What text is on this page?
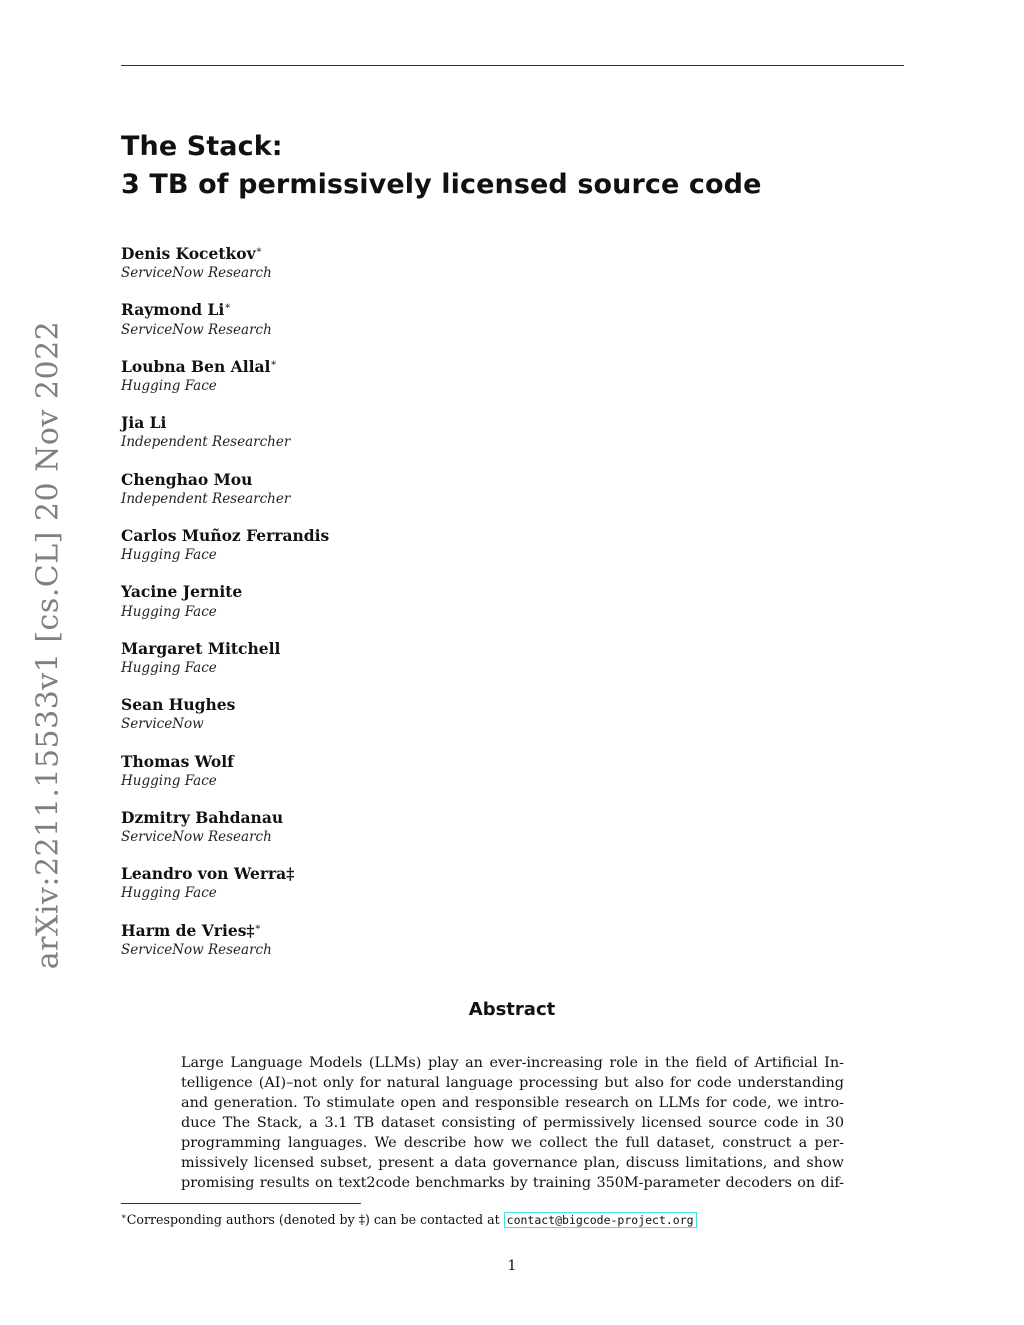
arXiv:2211.15533v1 [cs.CL] 20 Nov 2022
The Stack:
3 TB of permissively licensed source code
Denis Kocetkov∗
ServiceNow Research
Raymond Li∗
ServiceNow Research
Loubna Ben Allal∗
Hugging Face
Jia Li
Independent Researcher
Chenghao Mou
Independent Researcher
Carlos Muñoz Ferrandis
Hugging Face
Yacine Jernite
Hugging Face
Margaret Mitchell
Hugging Face
Sean Hughes
ServiceNow
Thomas Wolf
Hugging Face
Dzmitry Bahdanau
ServiceNow Research
Leandro von Werra‡
Hugging Face
Harm de Vries‡∗
ServiceNow Research
Abstract
Large Language Models (LLMs) play an ever-increasing role in the field of Artificial In-
telligence (AI)–not only for natural language processing but also for code understanding
and generation. To stimulate open and responsible research on LLMs for code, we intro-
duce The Stack, a 3.1 TB dataset consisting of permissively licensed source code in 30
programming languages. We describe how we collect the full dataset, construct a per-
missively licensed subset, present a data governance plan, discuss limitations, and show
promising results on text2code benchmarks by training 350M-parameter decoders on dif-
∗Corresponding authors (denoted by ‡) can be contacted at contact@bigcode-project.org
1
